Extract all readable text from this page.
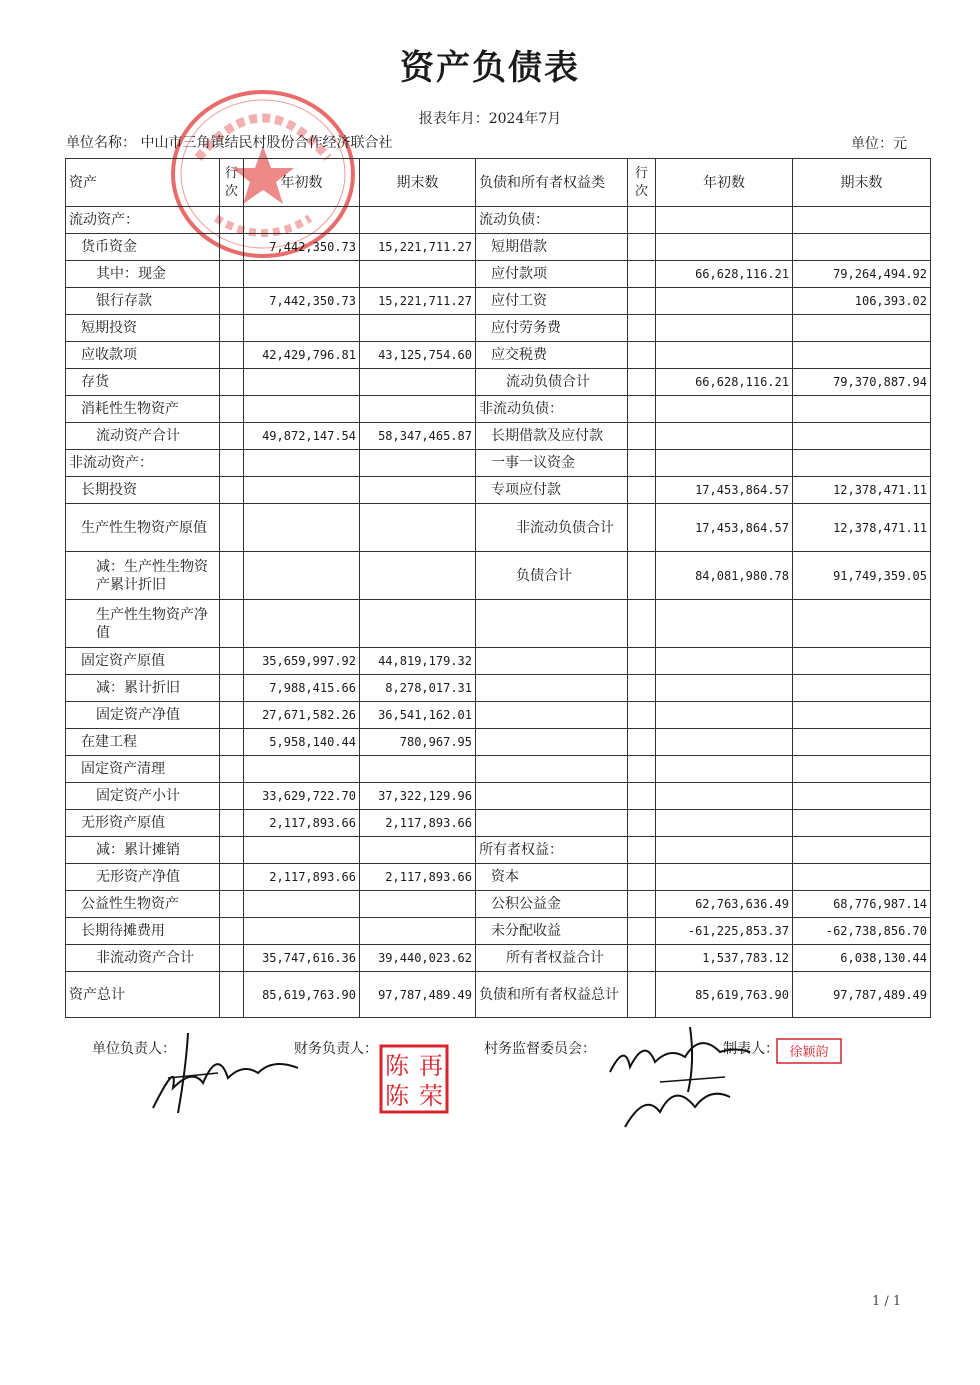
资产负债表
报表年月：2024年7月
单位名称： 中山市三角镇结民村股份合作经济联合社	单位：元
资产	行次	年初数	期末数	负债和所有者权益类	行次	年初数	期末数
流动资产：				流动负债：			
货币资金		7,442,350.73	15,221,711.27	短期借款			
其中：现金				应付款项		66,628,116.21	79,264,494.92
银行存款		7,442,350.73	15,221,711.27	应付工资			106,393.02
短期投资				应付劳务费			
应收款项		42,429,796.81	43,125,754.60	应交税费			
存货				流动负债合计		66,628,116.21	79,370,887.94
消耗性生物资产				非流动负债：			
流动资产合计		49,872,147.54	58,347,465.87	长期借款及应付款			
非流动资产：				一事一议资金			
长期投资				专项应付款		17,453,864.57	12,378,471.11
生产性生物资产原值				非流动负债合计		17,453,864.57	12,378,471.11
减：生产性生物资产累计折旧				负债合计		84,081,980.78	91,749,359.05
生产性生物资产净值							
固定资产原值		35,659,997.92	44,819,179.32				
减：累计折旧		7,988,415.66	8,278,017.31				
固定资产净值		27,671,582.26	36,541,162.01				
在建工程		5,958,140.44	780,967.95				
固定资产清理							
固定资产小计		33,629,722.70	37,322,129.96				
无形资产原值		2,117,893.66	2,117,893.66				
减：累计摊销				所有者权益：			
无形资产净值		2,117,893.66	2,117,893.66	资本			
公益性生物资产				公积公益金		62,763,636.49	68,776,987.14
长期待摊费用				未分配收益		-61,225,853.37	-62,738,856.70
非流动资产合计		35,747,616.36	39,440,023.62	所有者权益合计		1,537,783.12	6,038,130.44
资产总计		85,619,763.90	97,787,489.49	负债和所有者权益总计		85,619,763.90	97,787,489.49
单位负责人：	财务负责人：	村务监督委员会：	制表人：
再
荣
陈
陈
徐颖韵
1 / 1
